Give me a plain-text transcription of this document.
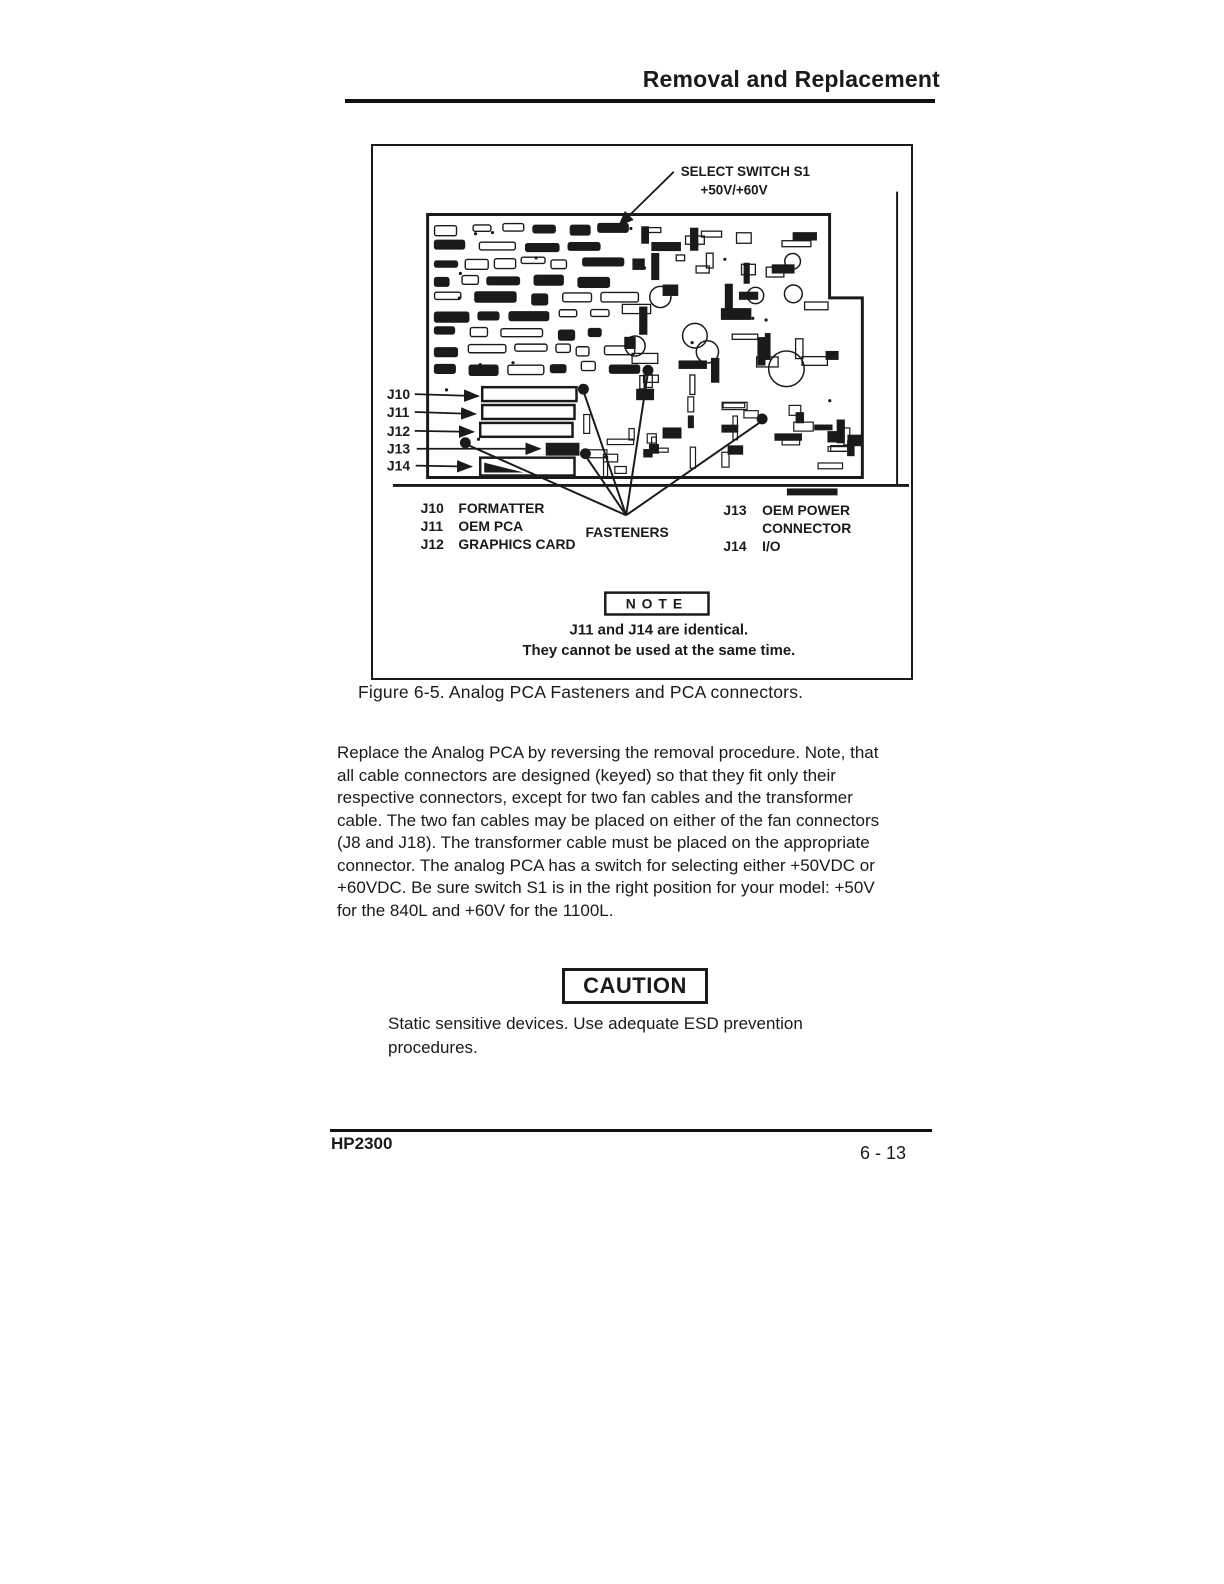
Removal and Replacement
SELECT SWITCH S1
+50V/+60V
J10
J11
J12
J13
J14
J10 FORMATTER
J11 OEM PCA
J12 GRAPHICS CARD
FASTENERS
J13 OEM POWER
CONNECTOR
J14 I/O
NOTE
J11 and J14 are identical.
They cannot be used at the same time.
Figure 6-5. Analog PCA Fasteners and PCA connectors.
Replace the Analog PCA by reversing the removal procedure. Note, that
all cable connectors are designed (keyed) so that they fit only their
respective connectors, except for two fan cables and the transformer
cable. The two fan cables may be placed on either of the fan connectors
(J8 and J18). The transformer cable must be placed on the appropriate
connector. The analog PCA has a switch for selecting either +50VDC or
+60VDC. Be sure switch S1 is in the right position for your model: +50V
for the 840L and +60V for the 1100L.
CAUTION
Static sensitive devices. Use adequate ESD prevention
procedures.
HP2300	6 - 13
